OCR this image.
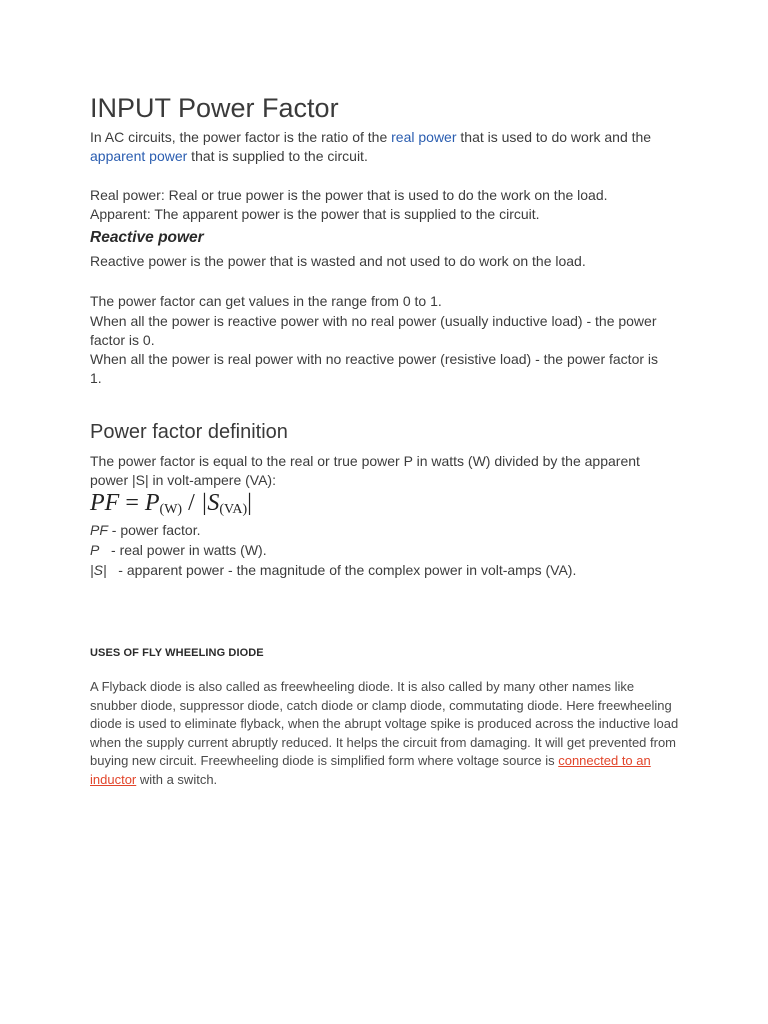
INPUT Power Factor

In AC circuits, the power factor is the ratio of the real power that is used to do work and the apparent power that is supplied to the circuit.

Real power: Real or true power is the power that is used to do the work on the load.

Apparent: The apparent power is the power that is supplied to the circuit.

Reactive power

Reactive power is the power that is wasted and not used to do work on the load.

The power factor can get values in the range from 0 to 1.

When all the power is reactive power with no real power (usually inductive load) - the power factor is 0.

When all the power is real power with no reactive power (resistive load) - the power factor is 1.

Power factor definition

The power factor is equal to the real or true power P in watts (W) divided by the apparent power |S| in volt-ampere (VA):

PF = $P_{(W)} / |S_{(VA)}|$
PF - power factor.
P   - real power in watts (W).
|S|   - apparent power - the magnitude of the complex power in volt-amps (VA).
USES OF FLY WHEELING DIODE

A Flyback diode is also called as freewheeling diode. It is also called by many other names like snubber diode, suppressor diode, catch diode or clamp diode, commutating diode. Here freewheeling diode is used to eliminate flyback, when the abrupt voltage spike is produced across the inductive load when the supply current abruptly reduced. It helps the circuit from damaging. It will get prevented from buying new circuit. Freewheeling diode is simplified form where voltage source is connected to an inductor with a switch.
